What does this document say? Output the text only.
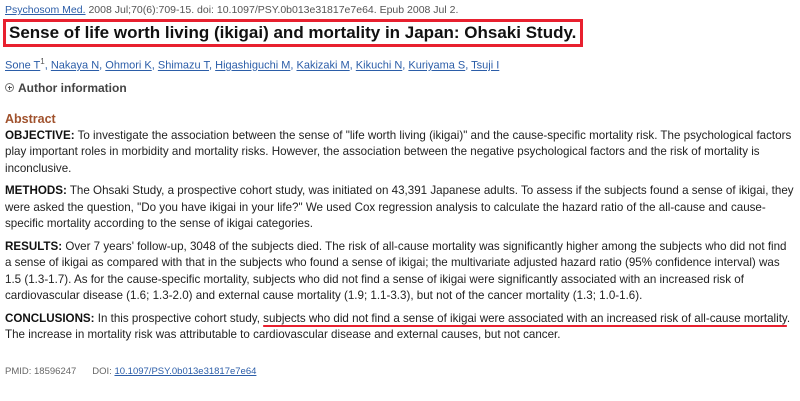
Psychosom Med. 2008 Jul;70(6):709-15. doi: 10.1097/PSY.0b013e31817e7e64. Epub 2008 Jul 2.
Sense of life worth living (ikigai) and mortality in Japan: Ohsaki Study.
Sone $T^1$, Nakaya N, Ohmori K, Shimazu T, Higashiguchi M, Kakizaki M, Kikuchi N, Kuriyama S, Tsuji I
Author information
Abstract
OBJECTIVE: To investigate the association between the sense of "life worth living (ikigai)" and the cause-specific mortality risk. The psychological factors play important roles in morbidity and mortality risks. However, the association between the negative psychological factors and the risk of mortality is inconclusive.
METHODS: The Ohsaki Study, a prospective cohort study, was initiated on 43,391 Japanese adults. To assess if the subjects found a sense of ikigai, they were asked the question, "Do you have ikigai in your life?" We used Cox regression analysis to calculate the hazard ratio of the all-cause and cause-specific mortality according to the sense of ikigai categories.
RESULTS: Over 7 years' follow-up, 3048 of the subjects died. The risk of all-cause mortality was significantly higher among the subjects who did not find a sense of ikigai as compared with that in the subjects who found a sense of ikigai; the multivariate adjusted hazard ratio (95% confidence interval) was 1.5 (1.3-1.7). As for the cause-specific mortality, subjects who did not find a sense of ikigai were significantly associated with an increased risk of cardiovascular disease (1.6; 1.3-2.0) and external cause mortality (1.9; 1.1-3.3), but not of the cancer mortality (1.3; 1.0-1.6).
CONCLUSIONS: In this prospective cohort study, subjects who did not find a sense of ikigai were associated with an increased risk of all-cause mortality. The increase in mortality risk was attributable to cardiovascular disease and external causes, but not cancer.
PMID: 18596247 DOI: 10.1097/PSY.0b013e31817e7e64
